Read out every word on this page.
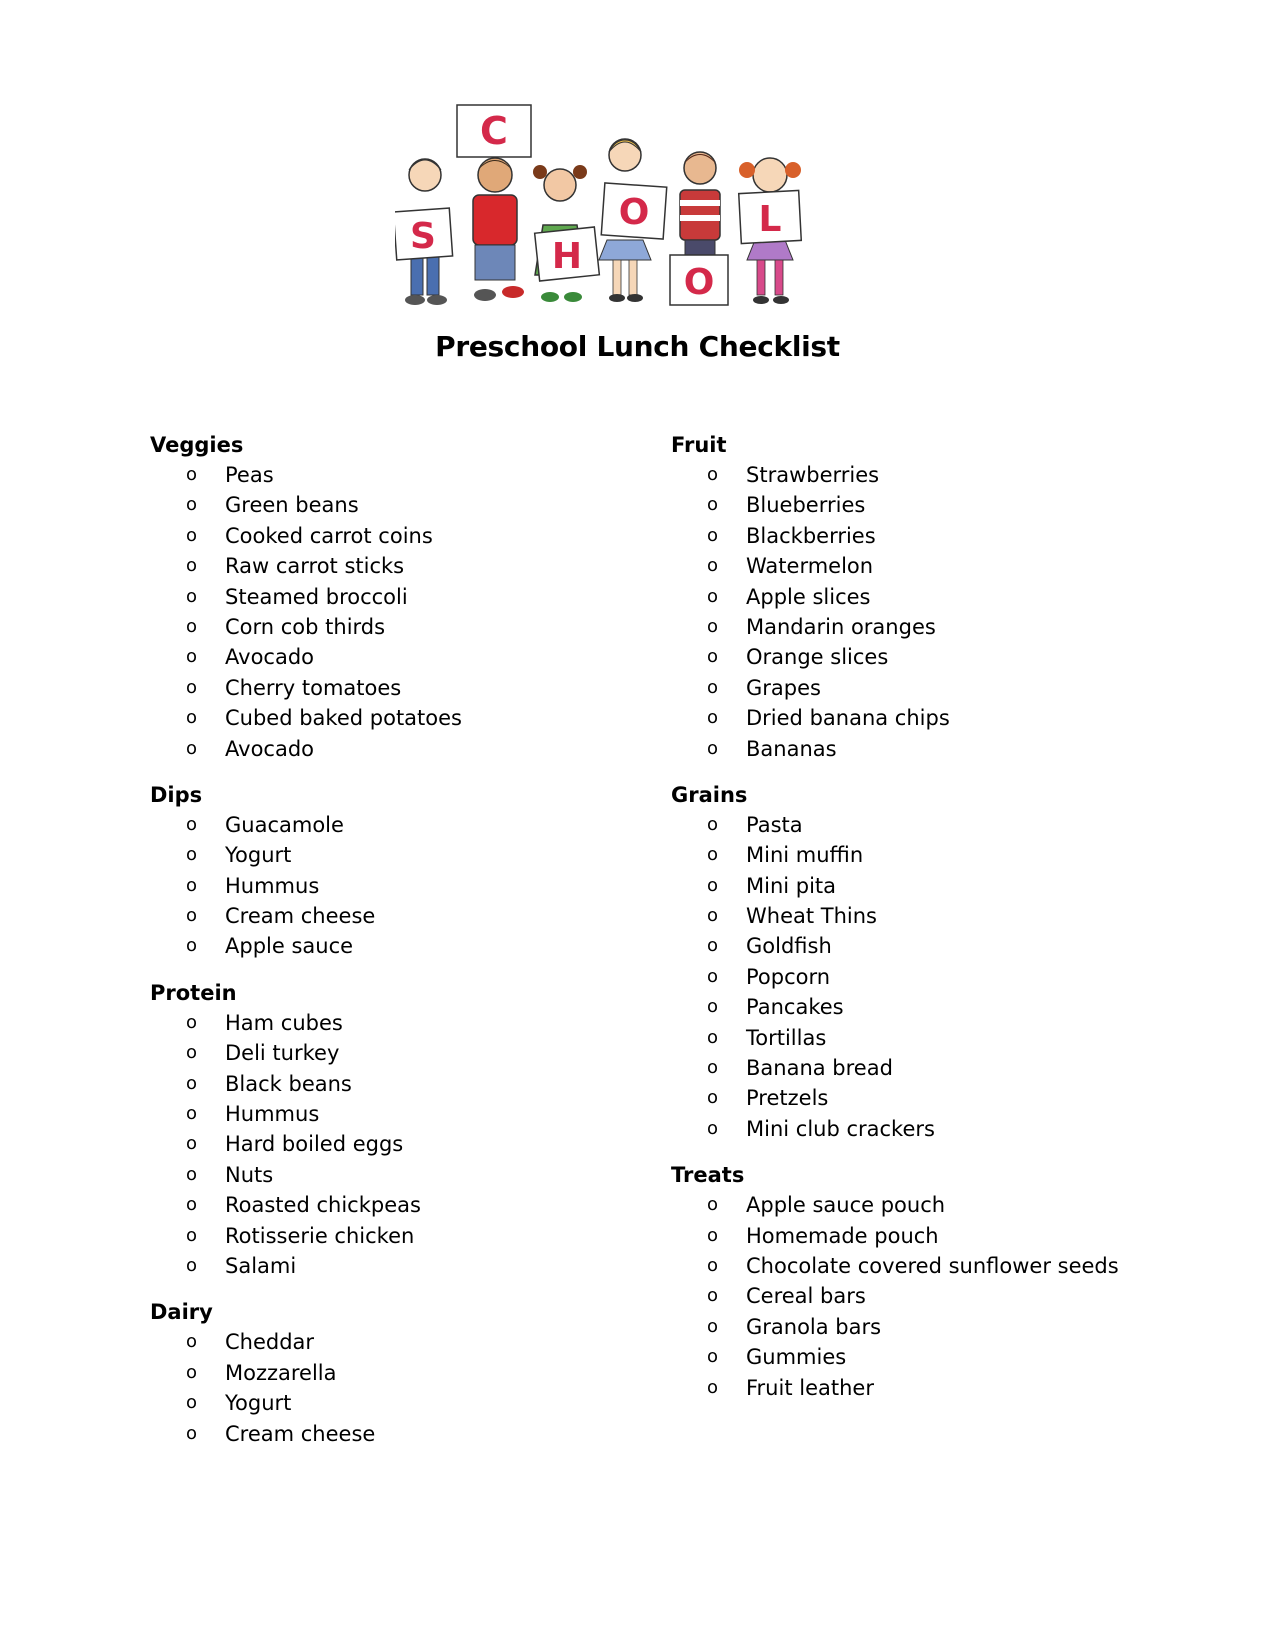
S
C
H
O
O
L
Preschool Lunch Checklist
Veggies
o Peas
o Green beans
o Cooked carrot coins
o Raw carrot sticks
o Steamed broccoli
o Corn cob thirds
o Avocado
o Cherry tomatoes
o Cubed baked potatoes
o Avocado
Dips
o Guacamole
o Yogurt
o Hummus
o Cream cheese
o Apple sauce
Protein
o Ham cubes
o Deli turkey
o Black beans
o Hummus
o Hard boiled eggs
o Nuts
o Roasted chickpeas
o Rotisserie chicken
o Salami
Dairy
o Cheddar
o Mozzarella
o Yogurt
o Cream cheese
Fruit
o Strawberries
o Blueberries
o Blackberries
o Watermelon
o Apple slices
o Mandarin oranges
o Orange slices
o Grapes
o Dried banana chips
o Bananas
Grains
o Pasta
o Mini muffin
o Mini pita
o Wheat Thins
o Goldfish
o Popcorn
o Pancakes
o Tortillas
o Banana bread
o Pretzels
o Mini club crackers
Treats
o Apple sauce pouch
o Homemade pouch
o Chocolate covered sunflower seeds
o Cereal bars
o Granola bars
o Gummies
o Fruit leather
